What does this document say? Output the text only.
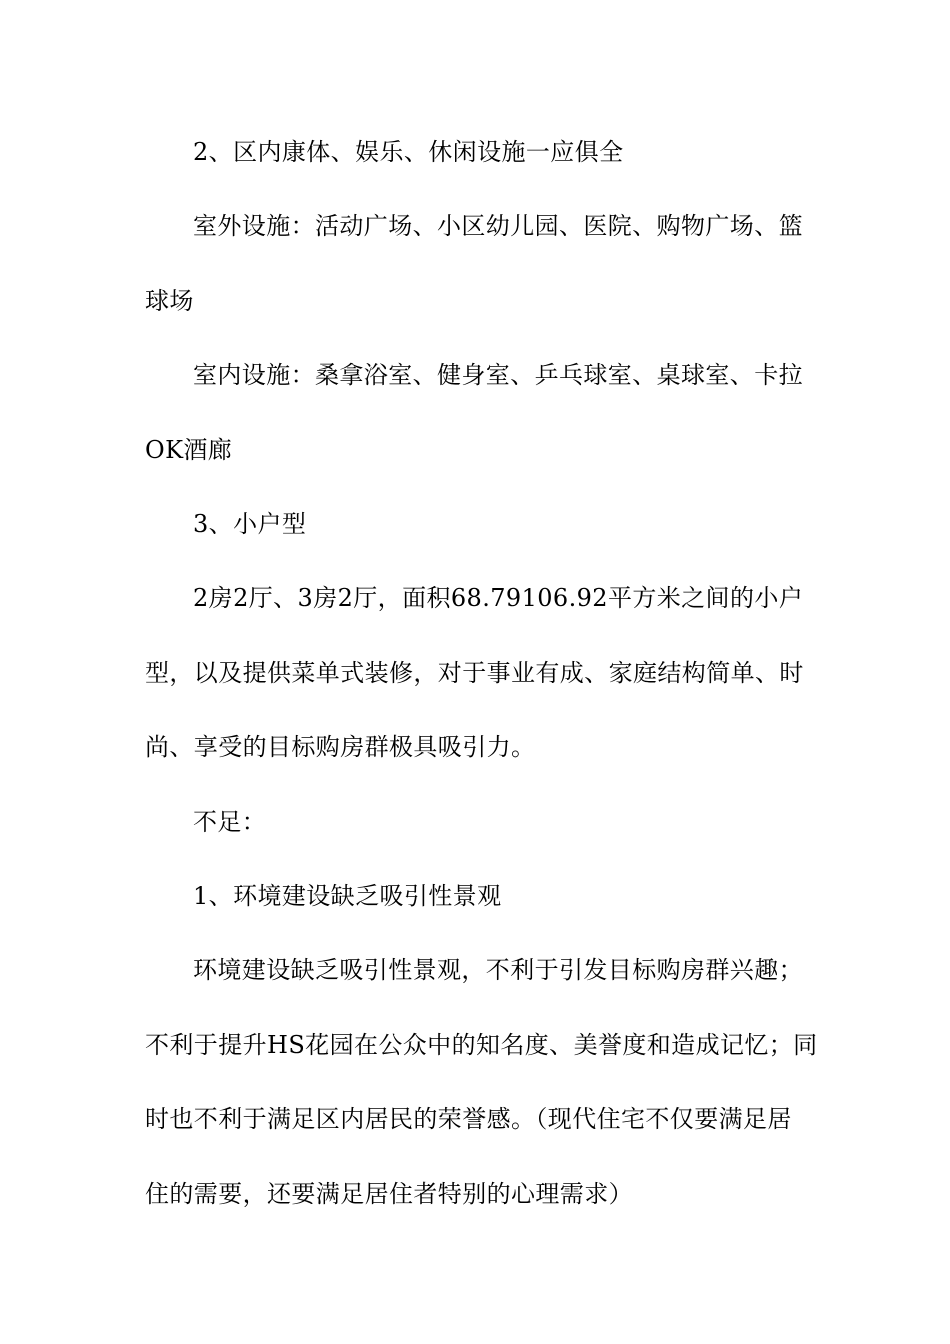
2、区内康体、娱乐、休闲设施一应俱全
室外设施：活动广场、小区幼儿园、医院、购物广场、篮
球场
室内设施：桑拿浴室、健身室、乒乓球室、桌球室、卡拉
OK酒廊
3、小户型
2房2厅、3房2厅，面积68.79106.92平方米之间的小户
型，以及提供菜单式装修，对于事业有成、家庭结构简单、时
尚、享受的目标购房群极具吸引力。
不足：
1、环境建设缺乏吸引性景观
环境建设缺乏吸引性景观，不利于引发目标购房群兴趣；
不利于提升HS花园在公众中的知名度、美誉度和造成记忆；同
时也不利于满足区内居民的荣誉感。（现代住宅不仅要满足居
住的需要，还要满足居住者特别的心理需求）
